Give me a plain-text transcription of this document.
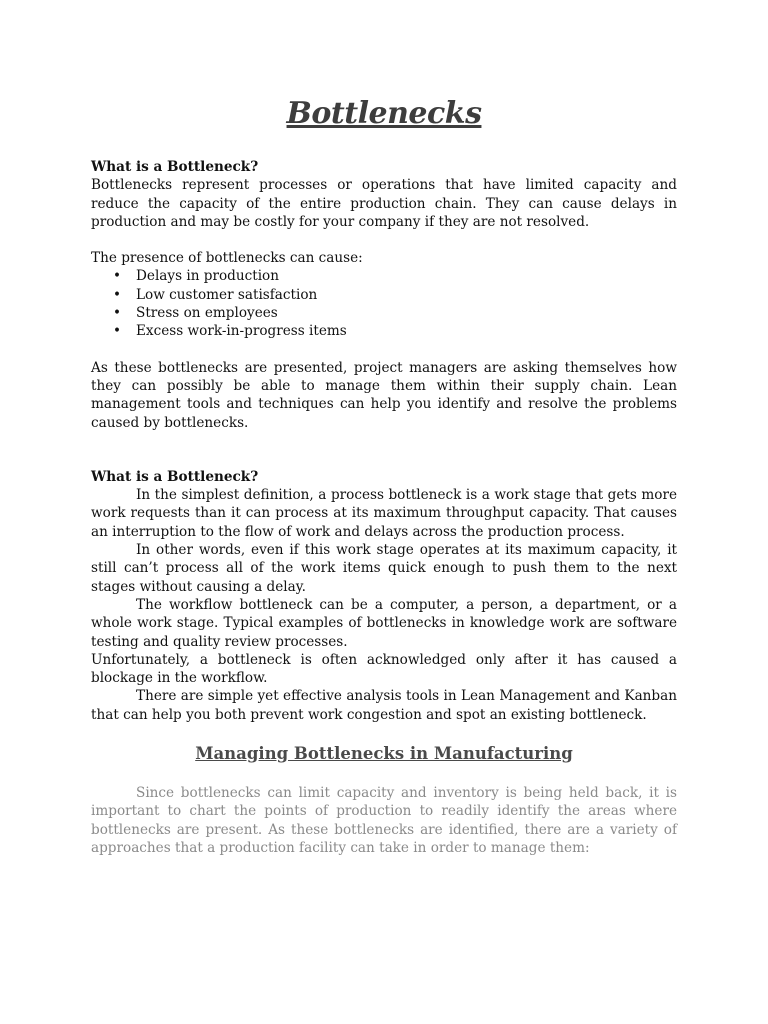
Bottlenecks
What is a Bottleneck?

Bottlenecks represent processes or operations that have limited capacity and reduce the capacity of the entire production chain. They can cause delays in production and may be costly for your company if they are not resolved.

The presence of bottlenecks can cause:

• Delays in production
• Low customer satisfaction
• Stress on employees
• Excess work-in-progress items

As these bottlenecks are presented, project managers are asking themselves how they can possibly be able to manage them within their supply chain. Lean management tools and techniques can help you identify and resolve the problems caused by bottlenecks.

What is a Bottleneck?

In the simplest definition, a process bottleneck is a work stage that gets more work requests than it can process at its maximum throughput capacity. That causes an interruption to the flow of work and delays across the production process.

In other words, even if this work stage operates at its maximum capacity, it still can’t process all of the work items quick enough to push them to the next stages without causing a delay.

The workflow bottleneck can be a computer, a person, a department, or a whole work stage. Typical examples of bottlenecks in knowledge work are software testing and quality review processes.

Unfortunately, a bottleneck is often acknowledged only after it has caused a blockage in the workflow.

There are simple yet effective analysis tools in Lean Management and Kanban that can help you both prevent work congestion and spot an existing bottleneck.

Managing Bottlenecks in Manufacturing

Since bottlenecks can limit capacity and inventory is being held back, it is important to chart the points of production to readily identify the areas where bottlenecks are present. As these bottlenecks are identified, there are a variety of approaches that a production facility can take in order to manage them:
